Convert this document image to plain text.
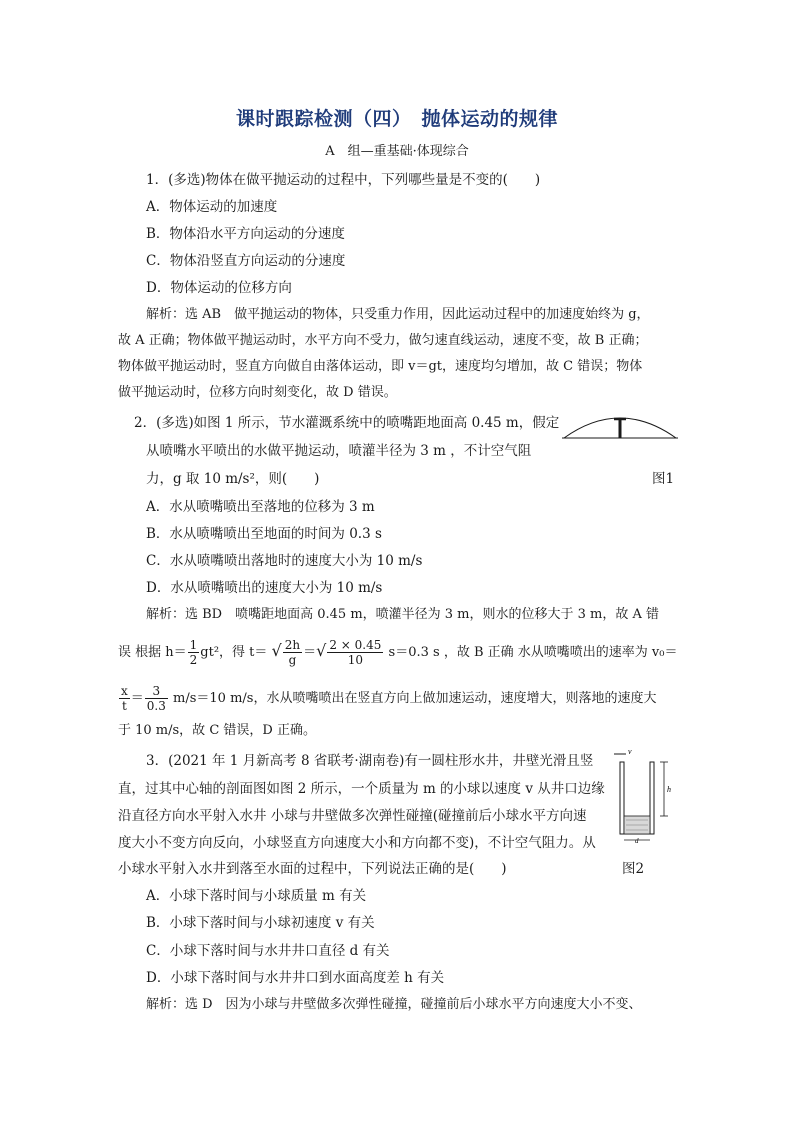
课时跟踪检测（四）　抛体运动的规律
A　组—重基础·体现综合
1．(多选)物体在做平抛运动的过程中，下列哪些量是不变的(　　)
A．物体运动的加速度
B．物体沿水平方向运动的分速度
C．物体沿竖直方向运动的分速度
D．物体运动的位移方向
解析：选 AB　做平抛运动的物体，只受重力作用，因此运动过程中的加速度始终为 g，
故 A 正确；物体做平抛运动时，水平方向不受力，做匀速直线运动，速度不变，故 B 正确；
物体做平抛运动时，竖直方向做自由落体运动，即 v＝gt，速度均匀增加，故 C 错误；物体
做平抛运动时，位移方向时刻变化，故 D 错误。
2．(多选)如图 1 所示，节水灌溉系统中的喷嘴距地面高 0.45 m，假定
从喷嘴水平喷出的水做平抛运动，喷灌半径为 3 m ，不计空气阻
力，g 取 10 m/s²，则(　　)	图1
A．水从喷嘴喷出至落地的位移为 3 m
B．水从喷嘴喷出至地面的时间为 0.3 s
C．水从喷嘴喷出落地时的速度大小为 10 m/s
D．水从喷嘴喷出的速度大小为 10 m/s
解析：选 BD　喷嘴距地面高 0.45 m，喷灌半径为 3 m，则水的位移大于 3 m，故 A 错
误 根据 $h= \frac{1}{2} gt^2$，得 t＝ √ $\frac{2h}{g}$ ＝√ $\frac{2 \times 0.45}{10} s=0.3$ s ，故 B 正确 水从喷嘴喷出的速率为 v₀＝
$\frac{x}{t} = \frac{3}{0.3} m/s=10$ m/s，水从喷嘴喷出在竖直方向上做加速运动，速度增大，则落地的速度大
于 10 m/s，故 C 错误，D 正确。
3．(2021 年 1 月新高考 8 省联考·湖南卷)有一圆柱形水井，井壁光滑且竖
直，过其中心轴的剖面图如图 2 所示，一个质量为 m 的小球以速度 v 从井口边缘
沿直径方向水平射入水井 小球与井壁做多次弹性碰撞(碰撞前后小球水平方向速
度大小不变方向反向，小球竖直方向速度大小和方向都不变)，不计空气阻力。从
小球水平射入水井到落至水面的过程中，下列说法正确的是(　　)
v
h
d
图2
A．小球下落时间与小球质量 m 有关
B．小球下落时间与小球初速度 v 有关
C．小球下落时间与水井井口直径 d 有关
D．小球下落时间与水井井口到水面高度差 h 有关
解析：选 D　因为小球与井壁做多次弹性碰撞，碰撞前后小球水平方向速度大小不变、
